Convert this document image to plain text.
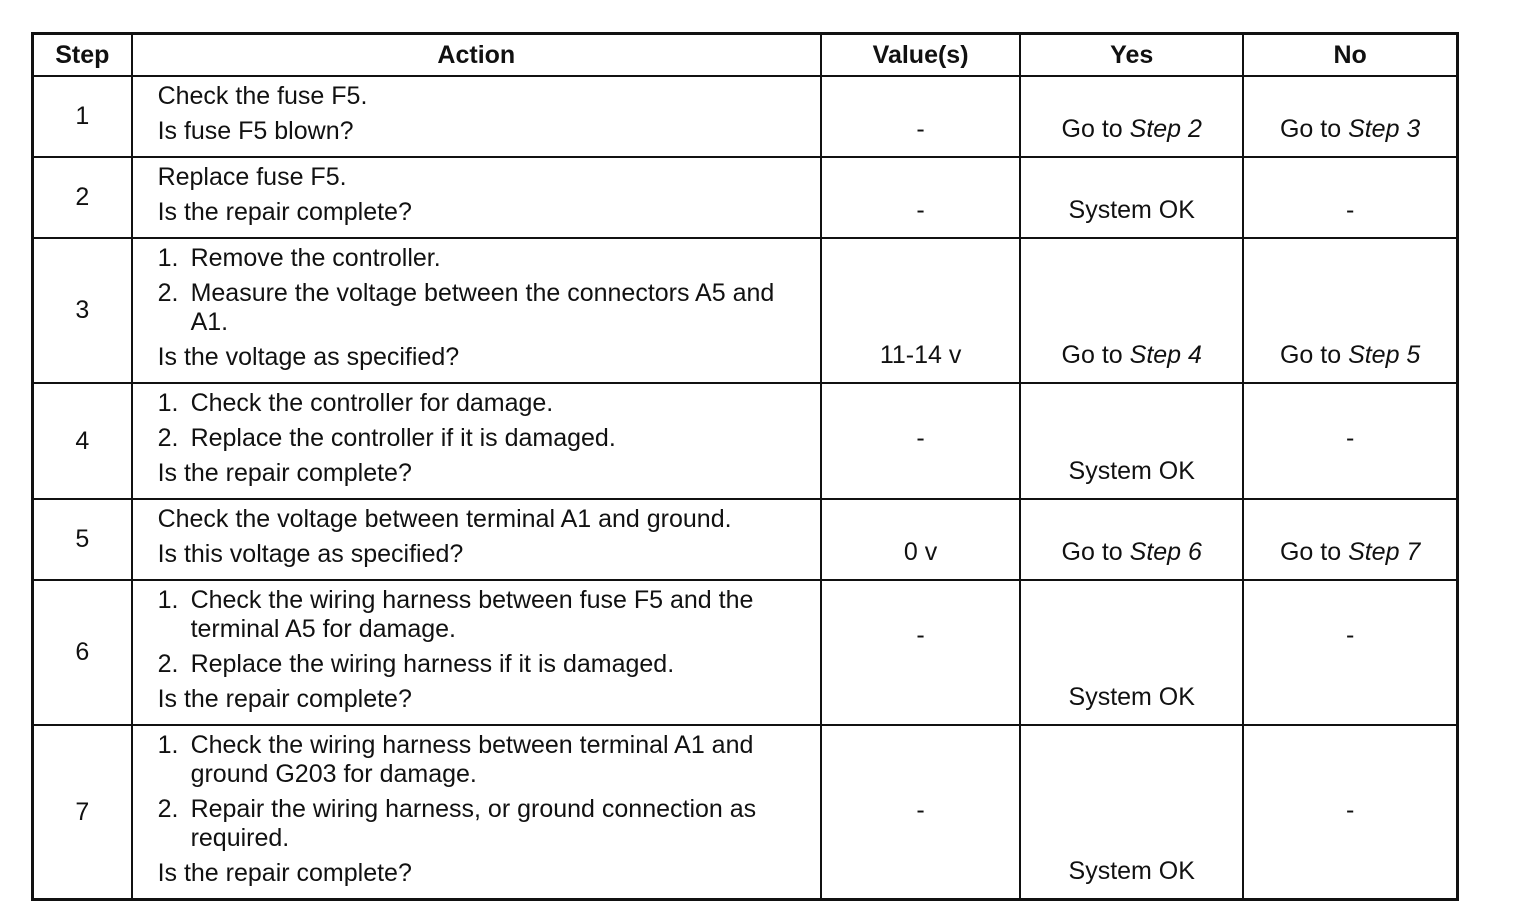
Step	Action	Value(s)	Yes	No
1	Check the fuse F5.
Is fuse F5 blown?	-	Go to Step 2	Go to Step 3

2	Replace fuse F5.
Is the repair complete?	-	System OK	-

3	1. Remove the controller.
2. Measure the voltage between the connectors A5 and A1.
Is the voltage as specified?	11-14 v	Go to Step 4	Go to Step 5

4	1. Check the controller for damage.
2. Replace the controller if it is damaged.
Is the repair complete?	-	System OK	-

5	Check the voltage between terminal A1 and ground.
Is this voltage as specified?	0 v	Go to Step 6	Go to Step 7

6	1. Check the wiring harness between fuse F5 and the terminal A5 for damage.
2. Replace the wiring harness if it is damaged.
Is the repair complete?	-	System OK	-

7	1. Check the wiring harness between terminal A1 and ground G203 for damage.
2. Repair the wiring harness, or ground connection as required.
Is the repair complete?	-	System OK	-
